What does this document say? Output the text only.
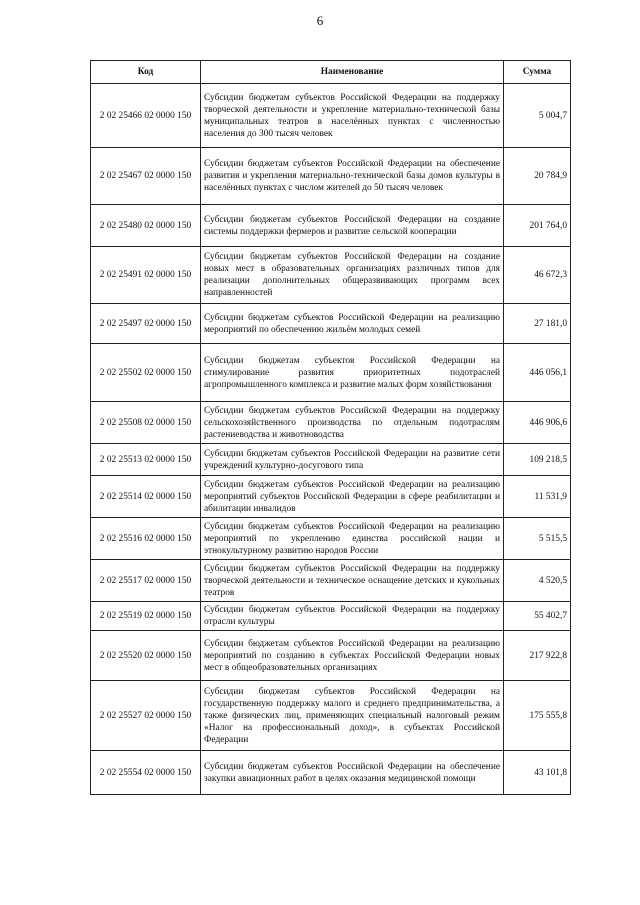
6
Код	Наименование	Сумма
2 02 25466 02 0000 150	Субсидии бюджетам субъектов Российской Федерации на поддержку творческой деятельности и укрепление материально-технической базы муниципальных театров в населённых пунктах с численностью населения до 300 тысяч человек	5 004,7
2 02 25467 02 0000 150	Субсидии бюджетам субъектов Российской Федерации на обеспечение развития и укрепления материально-технической базы домов культуры в населённых пунктах с числом жителей до 50 тысяч человек	20 784,9
2 02 25480 02 0000 150	Субсидии бюджетам субъектов Российской Федерации на создание системы поддержки фермеров и развитие сельской кооперации	201 764,0
2 02 25491 02 0000 150	Субсидии бюджетам субъектов Российской Федерации на создание новых мест в образовательных организациях различных типов для реализации дополнительных общеразвивающих программ всех направленностей	46 672,3
2 02 25497 02 0000 150	Субсидии бюджетам субъектов Российской Федерации на реализацию мероприятий по обеспечению жильём молодых семей	27 181,0
2 02 25502 02 0000 150	Субсидии бюджетам субъектов Российской Федерации на стимулирование развития приоритетных подотраслей агропромышленного комплекса и развитие малых форм хозяйствования	446 056,1
2 02 25508 02 0000 150	Субсидии бюджетам субъектов Российской Федерации на поддержку сельскохозяйственного производства по отдельным подотраслям растениеводства и животноводства	446 906,6
2 02 25513 02 0000 150	Субсидии бюджетам субъектов Российской Федерации на развитие сети учреждений культурно-досугового типа	109 218,5
2 02 25514 02 0000 150	Субсидии бюджетам субъектов Российской Федерации на реализацию мероприятий субъектов Российской Федерации в сфере реабилитации и абилитации инвалидов	11 531,9
2 02 25516 02 0000 150	Субсидии бюджетам субъектов Российской Федерации на реализацию мероприятий по укреплению единства российской нации и этнокультурному развитию народов России	5 515,5
2 02 25517 02 0000 150	Субсидии бюджетам субъектов Российской Федерации на поддержку творческой деятельности и техническое оснащение детских и кукольных театров	4 520,5
2 02 25519 02 0000 150	Субсидии бюджетам субъектов Российской Федерации на поддержку отрасли культуры	55 402,7
2 02 25520 02 0000 150	Субсидии бюджетам субъектов Российской Федерации на реализацию мероприятий по созданию в субъектах Российской Федерации новых мест в общеобразовательных организациях	217 922,8
2 02 25527 02 0000 150	Субсидии бюджетам субъектов Российской Федерации на государственную поддержку малого и среднего предпринимательства, а также физических лиц, применяющих специальный налоговый режим «Налог на профессиональный доход», в субъектах Российской Федерации	175 555,8
2 02 25554 02 0000 150	Субсидии бюджетам субъектов Российской Федерации на обеспечение закупки авиационных работ в целях оказания медицинской помощи	43 101,8
